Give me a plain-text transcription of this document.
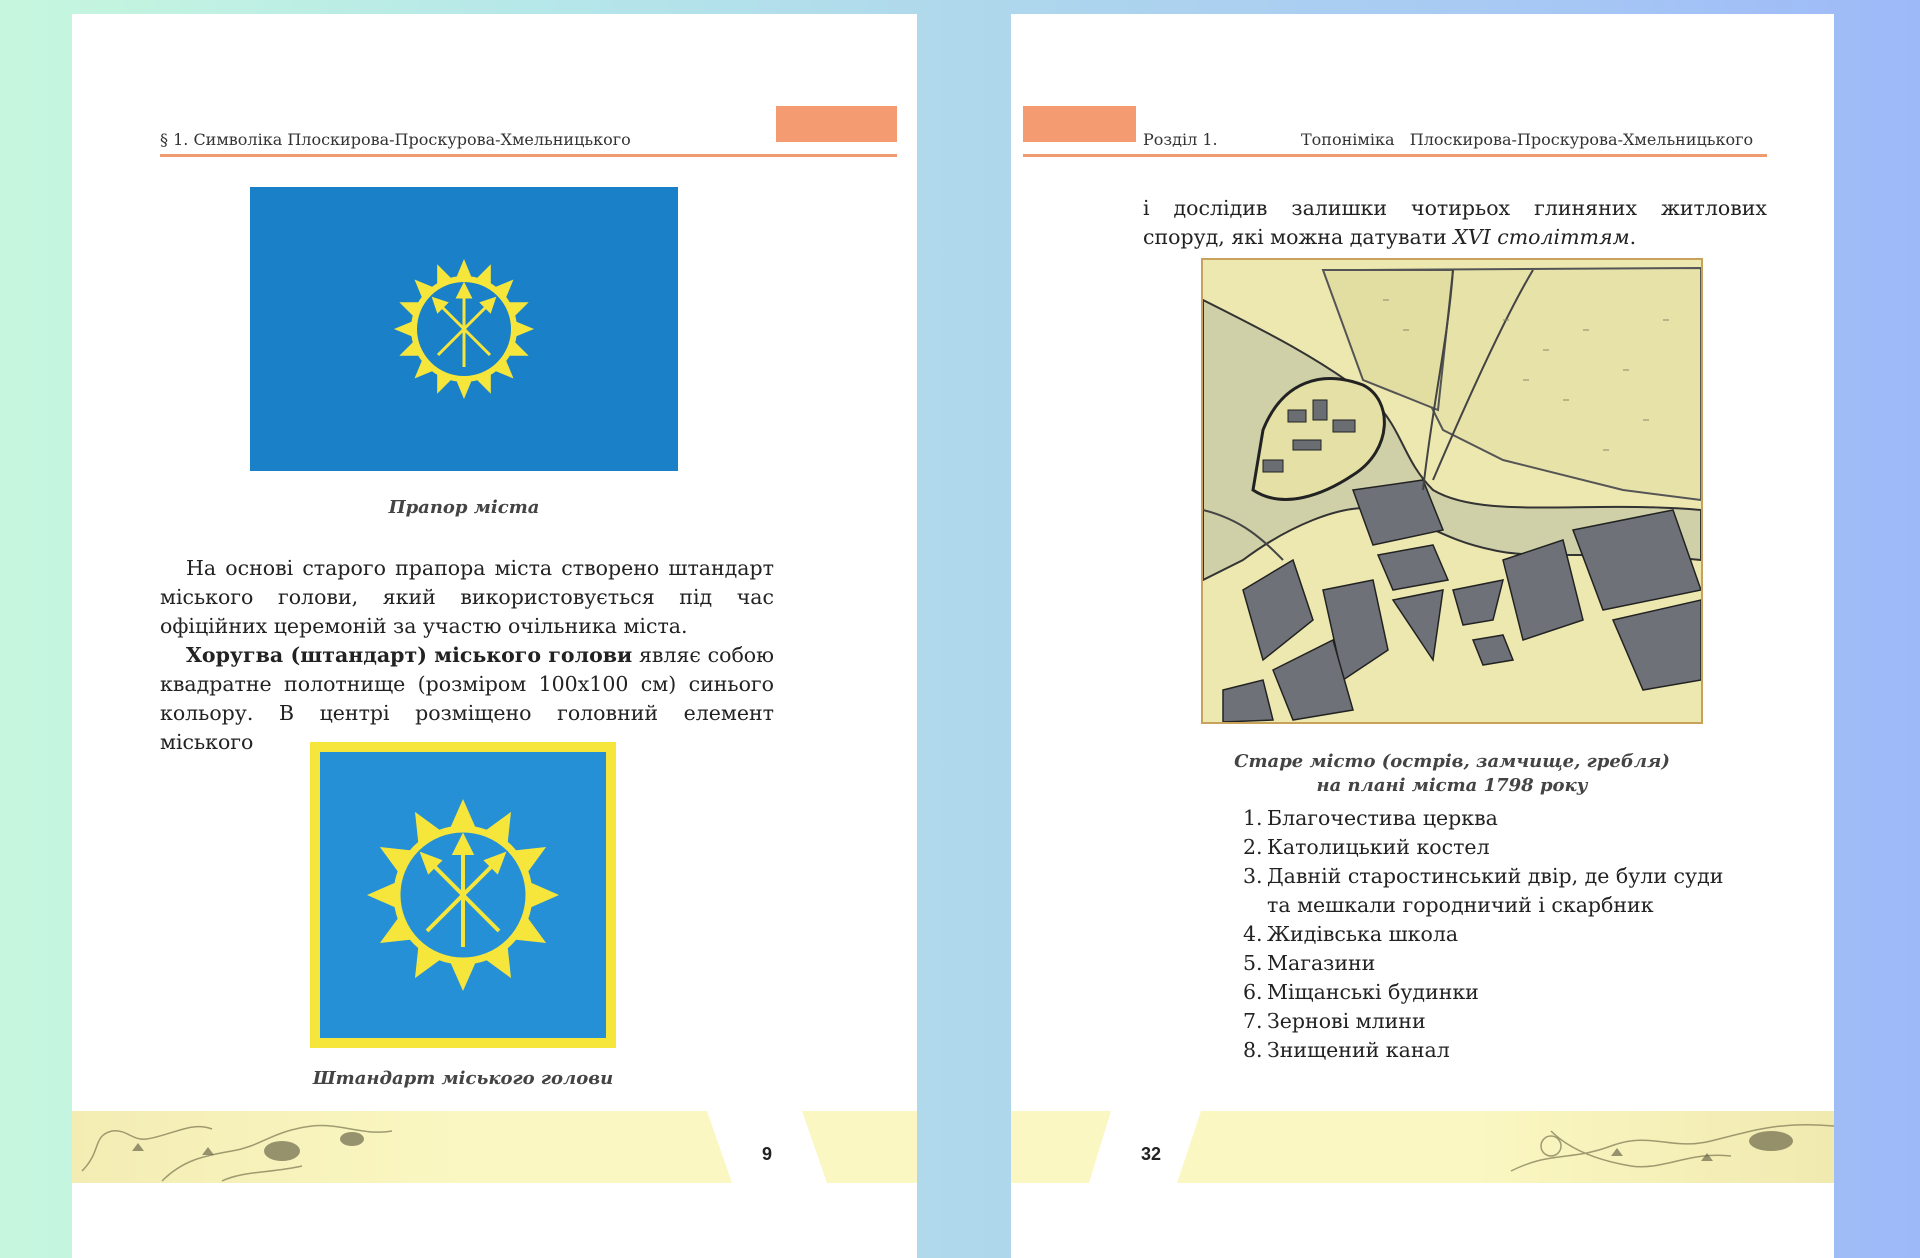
§ 1. Символіка Плоскирова-Проскурова-Хмельницького
Прапор міста
На основі старого прапора міста створено штандарт міського голови, який використовується під час офіційних церемоній за участю очільника міста.
Хоругва (штандарт) міського голови являє собою квадратне полотнище (розміром 100х100 см) синього кольору. В центрі розміщено головний елемент міського
Штандарт міського голови
9
Розділ 1.	Топоніміка   Плоскирова-Проскурова-Хмельницького
і дослідив залишки чотирьох глиняних житлових споруд, які можна датувати XVI століттям.
Старе місто (острів, замчище, гребля)
на плані міста 1798 року
1. Благочестива церква
2. Католицький костел
3. Давній старостинський двір, де були суди
та мешкали городничий і скарбник
4. Жидівська школа
5. Магазини
6. Міщанські будинки
7. Зернові млини
8. Знищений канал
32
